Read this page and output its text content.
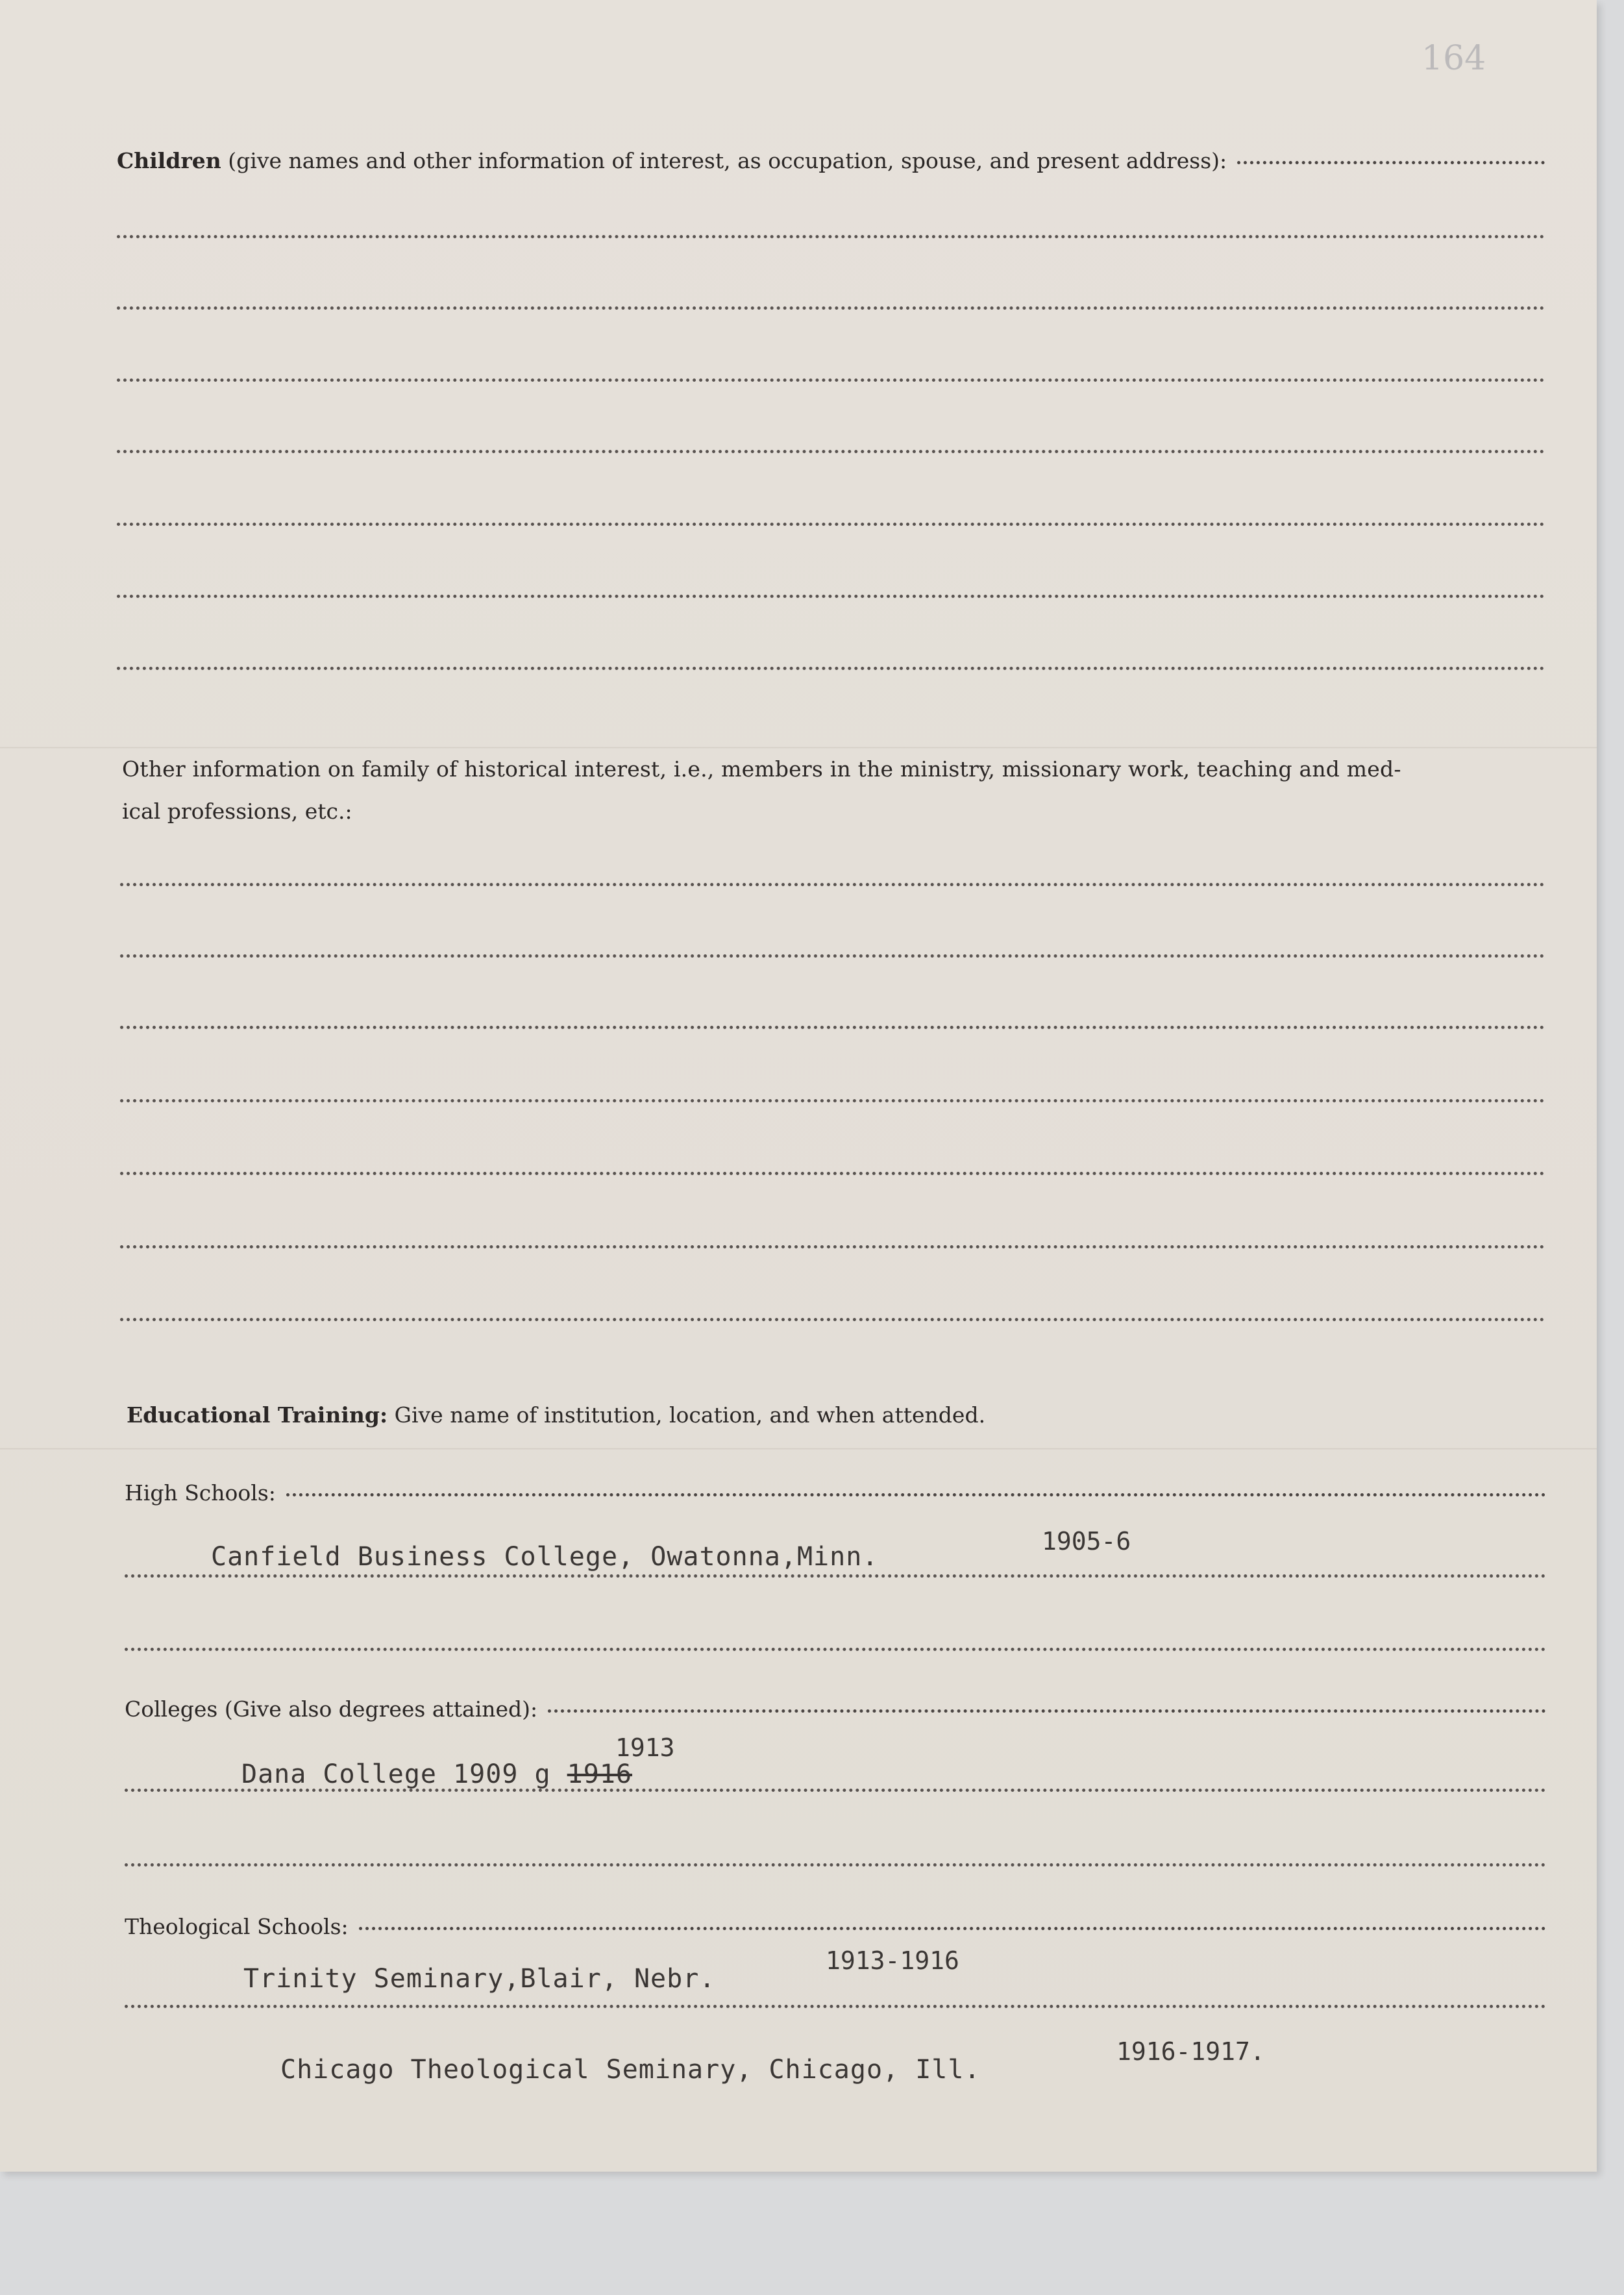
164
Children (give names and other information of interest, as occupation, spouse, and present address):
Other information on family of historical interest, i.e., members in the ministry, missionary work, teaching and med-
ical professions, etc.:
Educational Training: Give name of institution, location, and when attended.
High Schools:
Canfield Business College, Owatonna,Minn.
1905-6
Colleges (Give also degrees attained):
Dana College 1909 g 1916
1913
Theological Schools:
Trinity Seminary,Blair, Nebr.
1913-1916
Chicago Theological Seminary, Chicago, Ill.
1916-1917.
